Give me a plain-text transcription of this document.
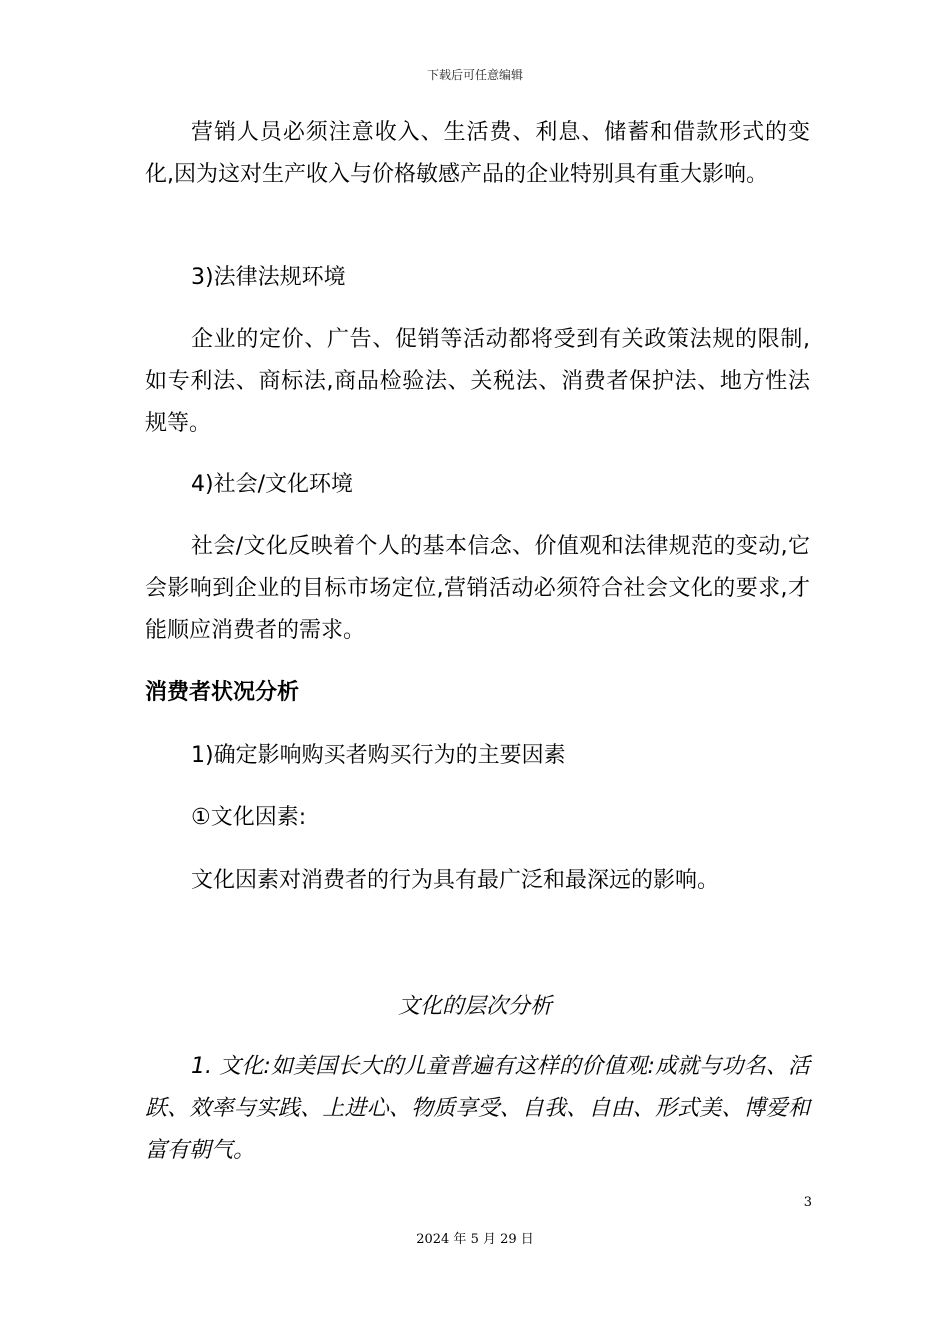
下载后可任意编辑

营销人员必须注意收入、生活费、利息、储蓄和借款形式的变化,因为这对生产收入与价格敏感产品的企业特别具有重大影响。

3)法律法规环境

企业的定价、广告、促销等活动都将受到有关政策法规的限制,如专利法、商标法,商品检验法、关税法、消费者保护法、地方性法规等。

4)社会/文化环境

社会/文化反映着个人的基本信念、价值观和法律规范的变动,它会影响到企业的目标市场定位,营销活动必须符合社会文化的要求,才能顺应消费者的需求。

消费者状况分析
1)确定影响购买者购买行为的主要因素
①文化因素:
文化因素对消费者的行为具有最广泛和最深远的影响。
文化的层次分析

1. 文化:如美国长大的儿童普遍有这样的价值观:成就与功名、活跃、效率与实践、上进心、物质享受、自我、自由、形式美、博爱和富有朝气。

3
2024 年 5 月 29 日
